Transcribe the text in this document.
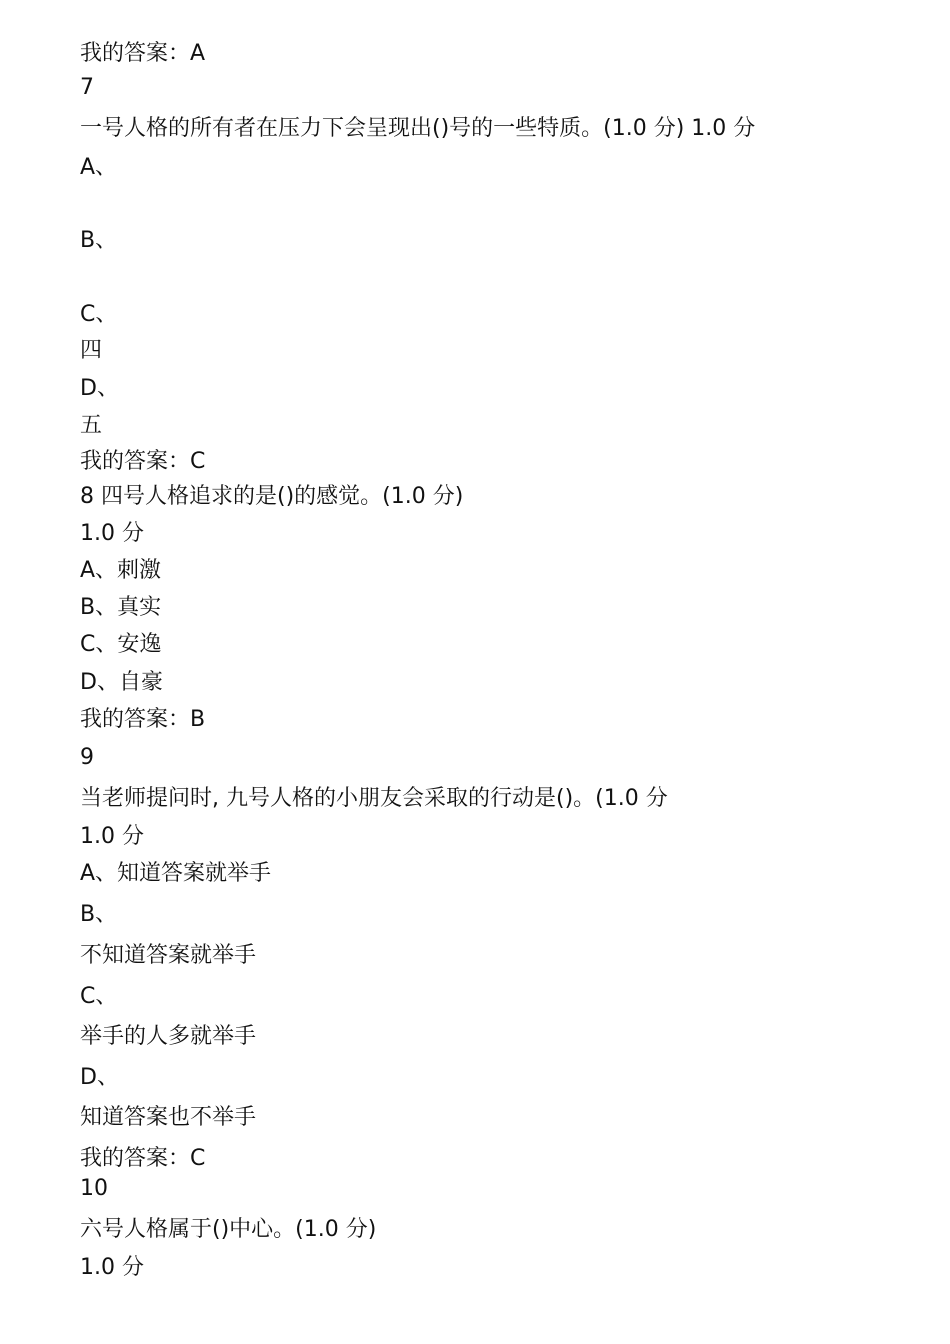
我的答案：A
7
一号人格的所有者在压力下会呈现出()号的一些特质。(1.0 分) 1.0 分
A、
B、
C、
四
D、
五
我的答案：C
8 四号人格追求的是()的感觉。(1.0 分)
1.0 分
A、刺激
B、真实
C、安逸
D、自豪
我的答案：B
9
当老师提问时, 九号人格的小朋友会采取的行动是()。(1.0 分
1.0 分
A、知道答案就举手
B、
不知道答案就举手
C、
举手的人多就举手
D、
知道答案也不举手
我的答案：C
10
六号人格属于()中心。(1.0 分)
1.0 分
